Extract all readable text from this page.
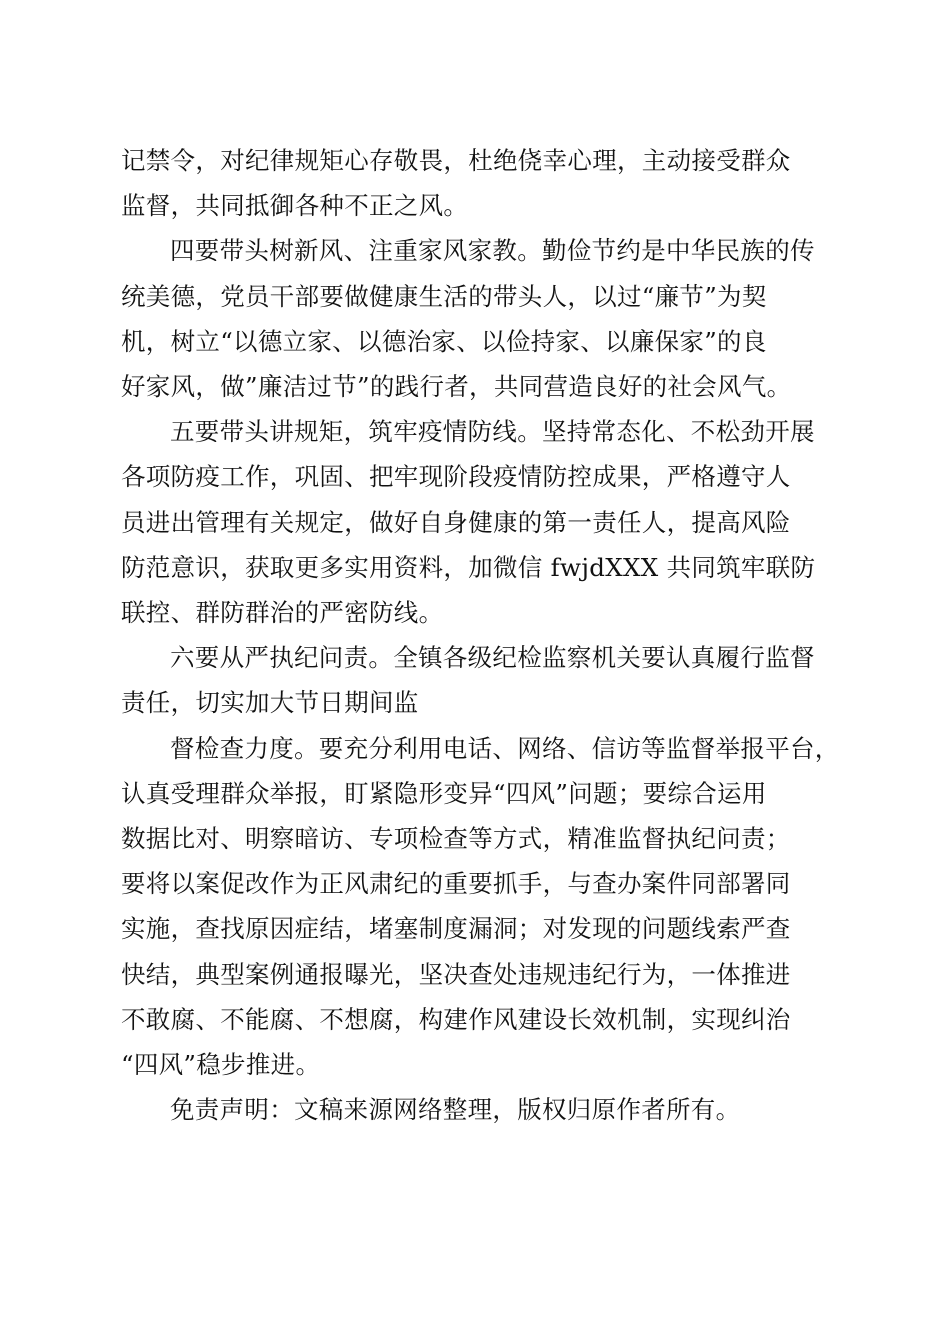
记禁令，对纪律规矩心存敬畏，杜绝侥幸心理，主动接受群众
监督，共同抵御各种不正之风。

四要带头树新风、注重家风家教。勤俭节约是中华民族的传
统美德，党员干部要做健康生活的带头人，以过“廉节”为契
机，树立“以德立家、以德治家、以俭持家、以廉保家”的良
好家风，做”廉洁过节”的践行者，共同营造良好的社会风气。

五要带头讲规矩，筑牢疫情防线。坚持常态化、不松劲开展
各项防疫工作，巩固、把牢现阶段疫情防控成果，严格遵守人
员进出管理有关规定，做好自身健康的第一责任人，提高风险
防范意识，获取更多实用资料，加微信 fwjdXXX 共同筑牢联防
联控、群防群治的严密防线。

六要从严执纪问责。全镇各级纪检监察机关要认真履行监督
责任，切实加大节日期间监

督检查力度。要充分利用电话、网络、信访等监督举报平台，
认真受理群众举报，盯紧隐形变异“四风”问题；要综合运用
数据比对、明察暗访、专项检查等方式，精准监督执纪问责；
要将以案促改作为正风肃纪的重要抓手，与查办案件同部署同
实施，查找原因症结，堵塞制度漏洞；对发现的问题线索严查
快结，典型案例通报曝光，坚决查处违规违纪行为，一体推进
不敢腐、不能腐、不想腐，构建作风建设长效机制，实现纠治
“四风”稳步推进。

免责声明：文稿来源网络整理，版权归原作者所有。
